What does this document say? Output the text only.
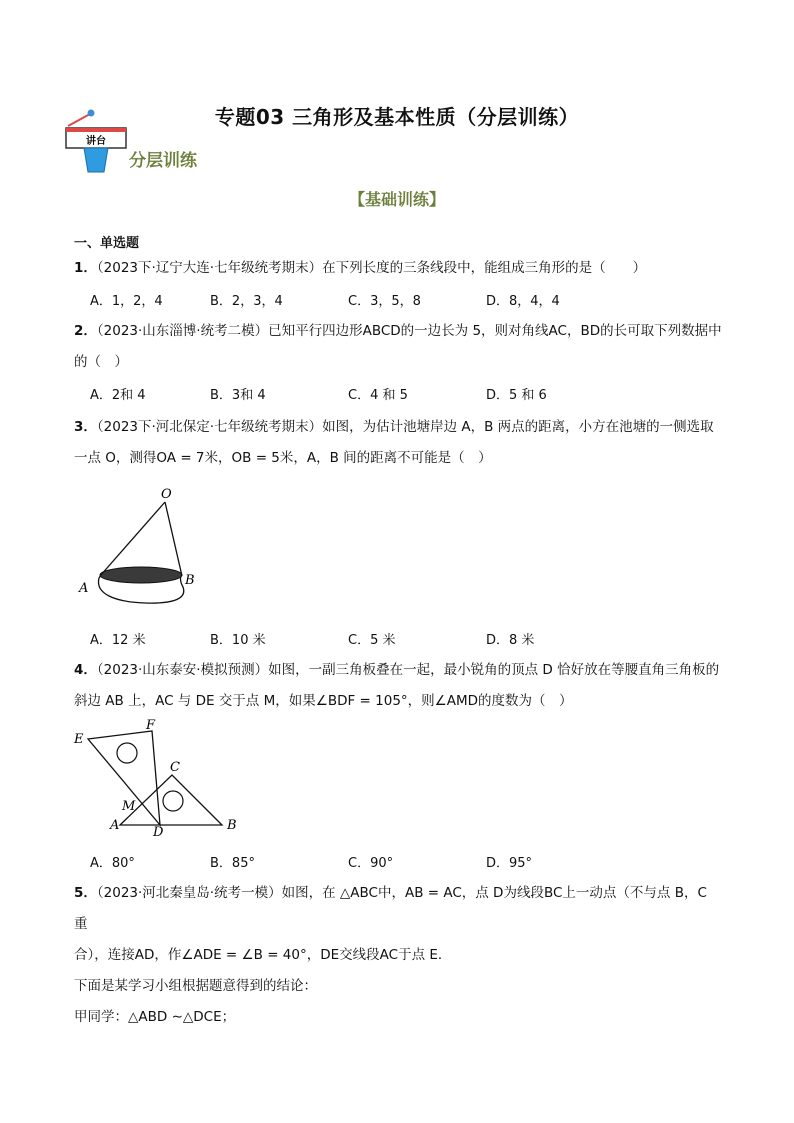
讲台
专题03 三角形及基本性质（分层训练）
分层训练
【基础训练】
一、单选题
1．（2023下·辽宁大连·七年级统考期末）在下列长度的三条线段中，能组成三角形的是（　　）
A．1，2，4	B．2，3，4	C．3，5，8	D．8，4，4
2．（2023·山东淄博·统考二模）已知平行四边形ABCD的一边长为 5，则对角线AC，BD的长可取下列数据中
的（　）
A．2和 4	B．3和 4	C．4 和 5	D．5 和 6
3．（2023下·河北保定·七年级统考期末）如图，为估计池塘岸边 A，B 两点的距离，小方在池塘的一侧选取
一点 O，测得OA = 7米，OB = 5米，A，B 间的距离不可能是（　）
O
A
B
A．12 米	B．10 米	C．5 米	D．8 米
4．（2023·山东泰安·模拟预测）如图，一副三角板叠在一起，最小锐角的顶点 D 恰好放在等腰直角三角板的
斜边 AB 上，AC 与 DE 交于点 M，如果∠BDF = 105°，则∠AMD的度数为（　）
E
F
C
M
A	D	B
A．80°	B．85°	C．90°	D．95°
5．（2023·河北秦皇岛·统考一模）如图，在 △ABC中，AB = AC，点 D为线段BC上一动点（不与点 B，C 重
合），连接AD，作∠ADE = ∠B = 40°，DE交线段AC于点 E．
下面是某学习小组根据题意得到的结论：
甲同学：△ABD ∼△DCE；
